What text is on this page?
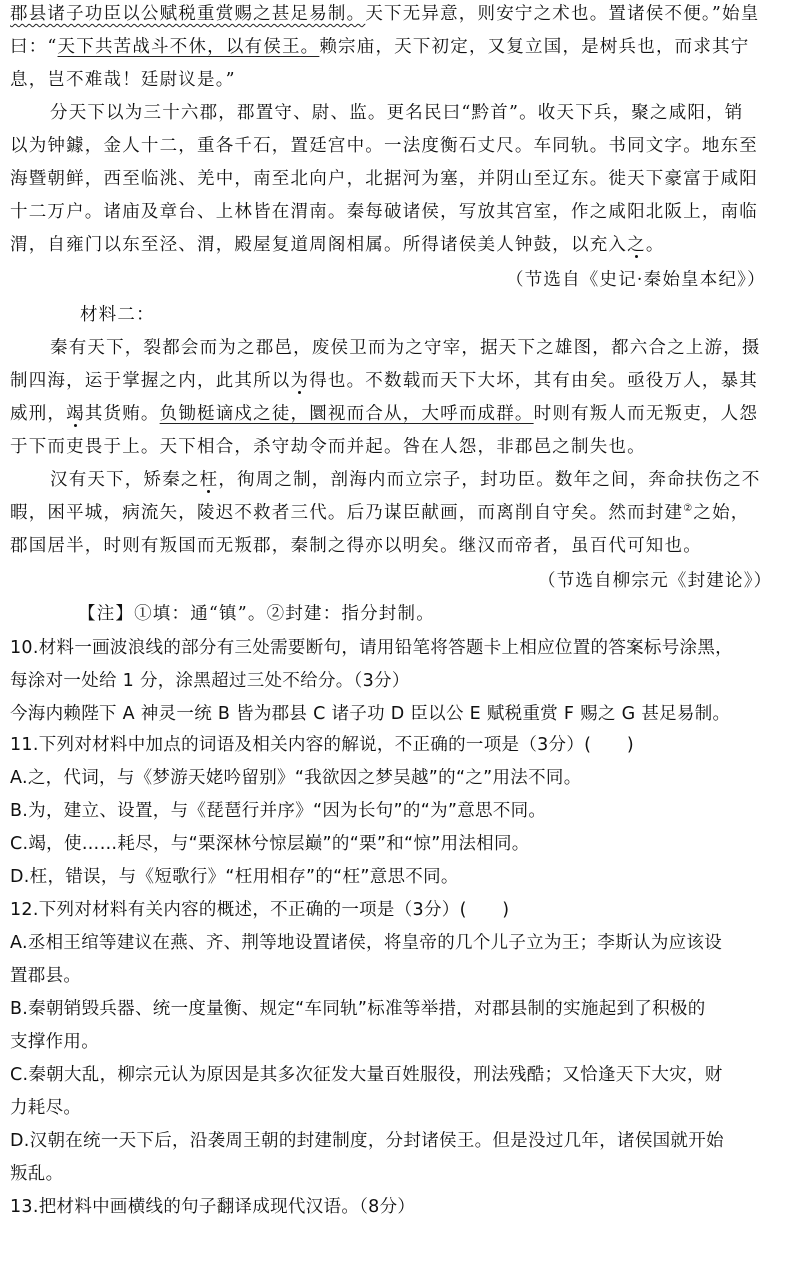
郡县诸子功臣以公赋税重赏赐之甚足易制。天下无异意，则安宁之术也。置诸侯不便。”始皇
曰：“天下共苦战斗不休，以有侯王。赖宗庙，天下初定，又复立国，是树兵也，而求其宁
息，岂不难哉！廷尉议是。”
分天下以为三十六郡，郡置守、尉、监。更名民曰“黔首”。收天下兵，聚之咸阳，销
以为钟鐻，金人十二，重各千石，置廷宫中。一法度衡石丈尺。车同轨。书同文字。地东至
海暨朝鲜，西至临洮、羌中，南至北向户，北据河为塞，并阴山至辽东。徙天下豪富于咸阳
十二万户。诸庙及章台、上林皆在渭南。秦每破诸侯，写放其宫室，作之咸阳北阪上，南临
渭，自雍门以东至泾、渭，殿屋复道周阁相属。所得诸侯美人钟鼓，以充入之。
（节选自《史记·秦始皇本纪》）
材料二：
秦有天下，裂都会而为之郡邑，废侯卫而为之守宰，据天下之雄图，都六合之上游，摄
制四海，运于掌握之内，此其所以为得也。不数载而天下大坏，其有由矣。亟役万人，暴其
威刑，竭其货贿。负锄梃谪戍之徒，圜视而合从，大呼而成群。时则有叛人而无叛吏，人怨
于下而吏畏于上。天下相合，杀守劫令而并起。咎在人怨，非郡邑之制失也。
汉有天下，矫秦之枉，徇周之制，剖海内而立宗子，封功臣。数年之间，奔命扶伤之不
暇，困平城，病流矢，陵迟不救者三代。后乃谋臣献画，而离削自守矣。然而封建②之始，
郡国居半，时则有叛国而无叛郡，秦制之得亦以明矣。继汉而帝者，虽百代可知也。
（节选自柳宗元《封建论》）
【注】①填：通“镇”。②封建：指分封制。
10.材料一画波浪线的部分有三处需要断句，请用铅笔将答题卡上相应位置的答案标号涂黑，
每涂对一处给 1 分，涂黑超过三处不给分。（3分）
今海内赖陛下 A 神灵一统 B 皆为郡县 C 诸子功 D 臣以公 E 赋税重赏 F 赐之 G 甚足易制。
11.下列对材料中加点的词语及相关内容的解说，不正确的一项是（3分）(　　)
A.之，代词，与《梦游天姥吟留别》“我欲因之梦吴越”的“之”用法不同。
B.为，建立、设置，与《琵琶行并序》“因为长句”的“为”意思不同。
C.竭，使……耗尽，与“栗深林兮惊层巅”的“栗”和“惊”用法相同。
D.枉，错误，与《短歌行》“枉用相存”的“枉”意思不同。
12.下列对材料有关内容的概述，不正确的一项是（3分）(　　)
A.丞相王绾等建议在燕、齐、荆等地设置诸侯，将皇帝的几个儿子立为王；李斯认为应该设
置郡县。
B.秦朝销毁兵器、统一度量衡、规定“车同轨”标准等举措，对郡县制的实施起到了积极的
支撑作用。
C.秦朝大乱，柳宗元认为原因是其多次征发大量百姓服役，刑法残酷；又恰逢天下大灾，财
力耗尽。
D.汉朝在统一天下后，沿袭周王朝的封建制度，分封诸侯王。但是没过几年，诸侯国就开始
叛乱。
13.把材料中画横线的句子翻译成现代汉语。（8分）
